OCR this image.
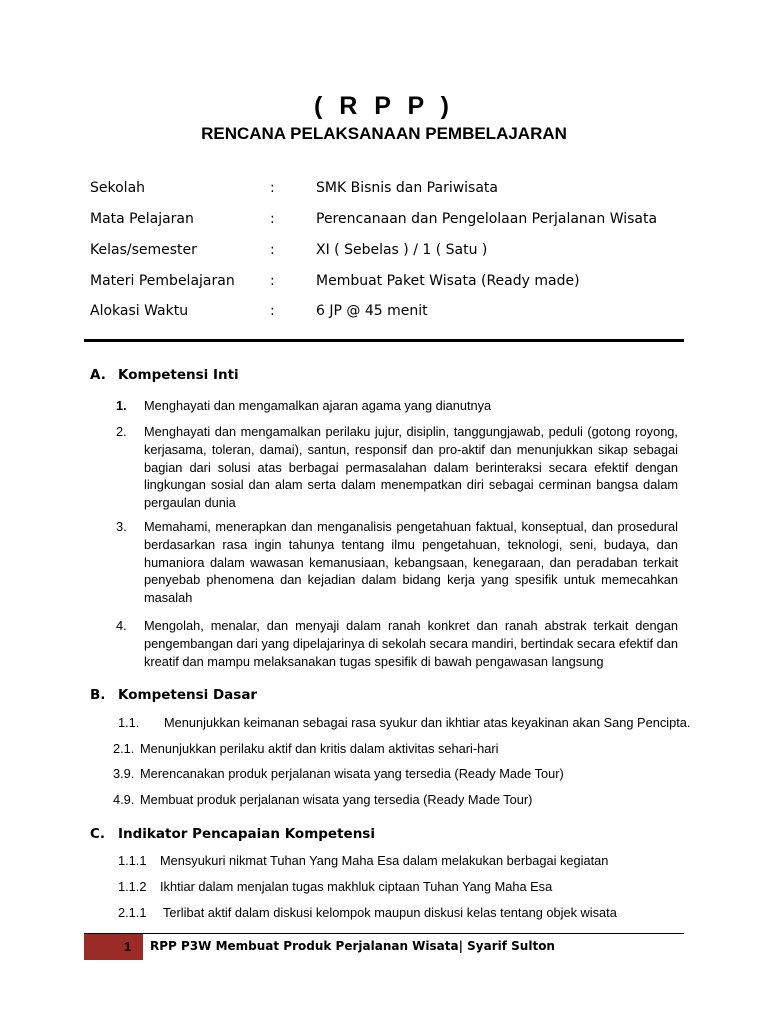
( R P P )
RENCANA PELAKSANAAN PEMBELAJARAN
Sekolah	:	SMK Bisnis dan Pariwisata
Mata Pelajaran	:	Perencanaan dan Pengelolaan Perjalanan Wisata
Kelas/semester	:	XI ( Sebelas ) / 1 ( Satu )
Materi Pembelajaran	:	Membuat Paket Wisata (Ready made)
Alokasi Waktu	:	6 JP @ 45 menit
A. Kompetensi Inti
1. Menghayati dan mengamalkan ajaran agama yang dianutnya
2. Menghayati dan mengamalkan perilaku jujur, disiplin, tanggungjawab, peduli (gotong royong, kerjasama, toleran, damai), santun, responsif dan pro-aktif dan menunjukkan sikap sebagai bagian dari solusi atas berbagai permasalahan dalam berinteraksi secara efektif dengan lingkungan sosial dan alam serta dalam menempatkan diri sebagai cerminan bangsa dalam pergaulan dunia
3. Memahami, menerapkan dan menganalisis pengetahuan faktual, konseptual, dan prosedural berdasarkan rasa ingin tahunya tentang ilmu pengetahuan, teknologi, seni, budaya, dan humaniora dalam wawasan kemanusiaan, kebangsaan, kenegaraan, dan peradaban terkait penyebab phenomena dan kejadian dalam bidang kerja yang spesifik untuk memecahkan masalah
4. Mengolah, menalar, dan menyaji dalam ranah konkret dan ranah abstrak terkait dengan pengembangan dari yang dipelajarinya di sekolah secara mandiri, bertindak secara efektif dan kreatif dan mampu melaksanakan tugas spesifik di bawah pengawasan langsung
B. Kompetensi Dasar
1.1. Menunjukkan keimanan sebagai rasa syukur dan ikhtiar atas keyakinan akan Sang Pencipta.
2.1. Menunjukkan perilaku aktif dan kritis dalam aktivitas sehari-hari
3.9. Merencanakan produk perjalanan wisata yang tersedia (Ready Made Tour)
4.9. Membuat produk perjalanan wisata yang tersedia (Ready Made Tour)
C. Indikator Pencapaian Kompetensi
1.1.1 Mensyukuri nikmat Tuhan Yang Maha Esa dalam melakukan berbagai kegiatan
1.1.2 Ikhtiar dalam menjalan tugas makhluk ciptaan Tuhan Yang Maha Esa
2.1.1 Terlibat aktif dalam diskusi kelompok maupun diskusi kelas tentang objek wisata
1 RPP P3W Membuat Produk Perjalanan Wisata| Syarif Sulton
